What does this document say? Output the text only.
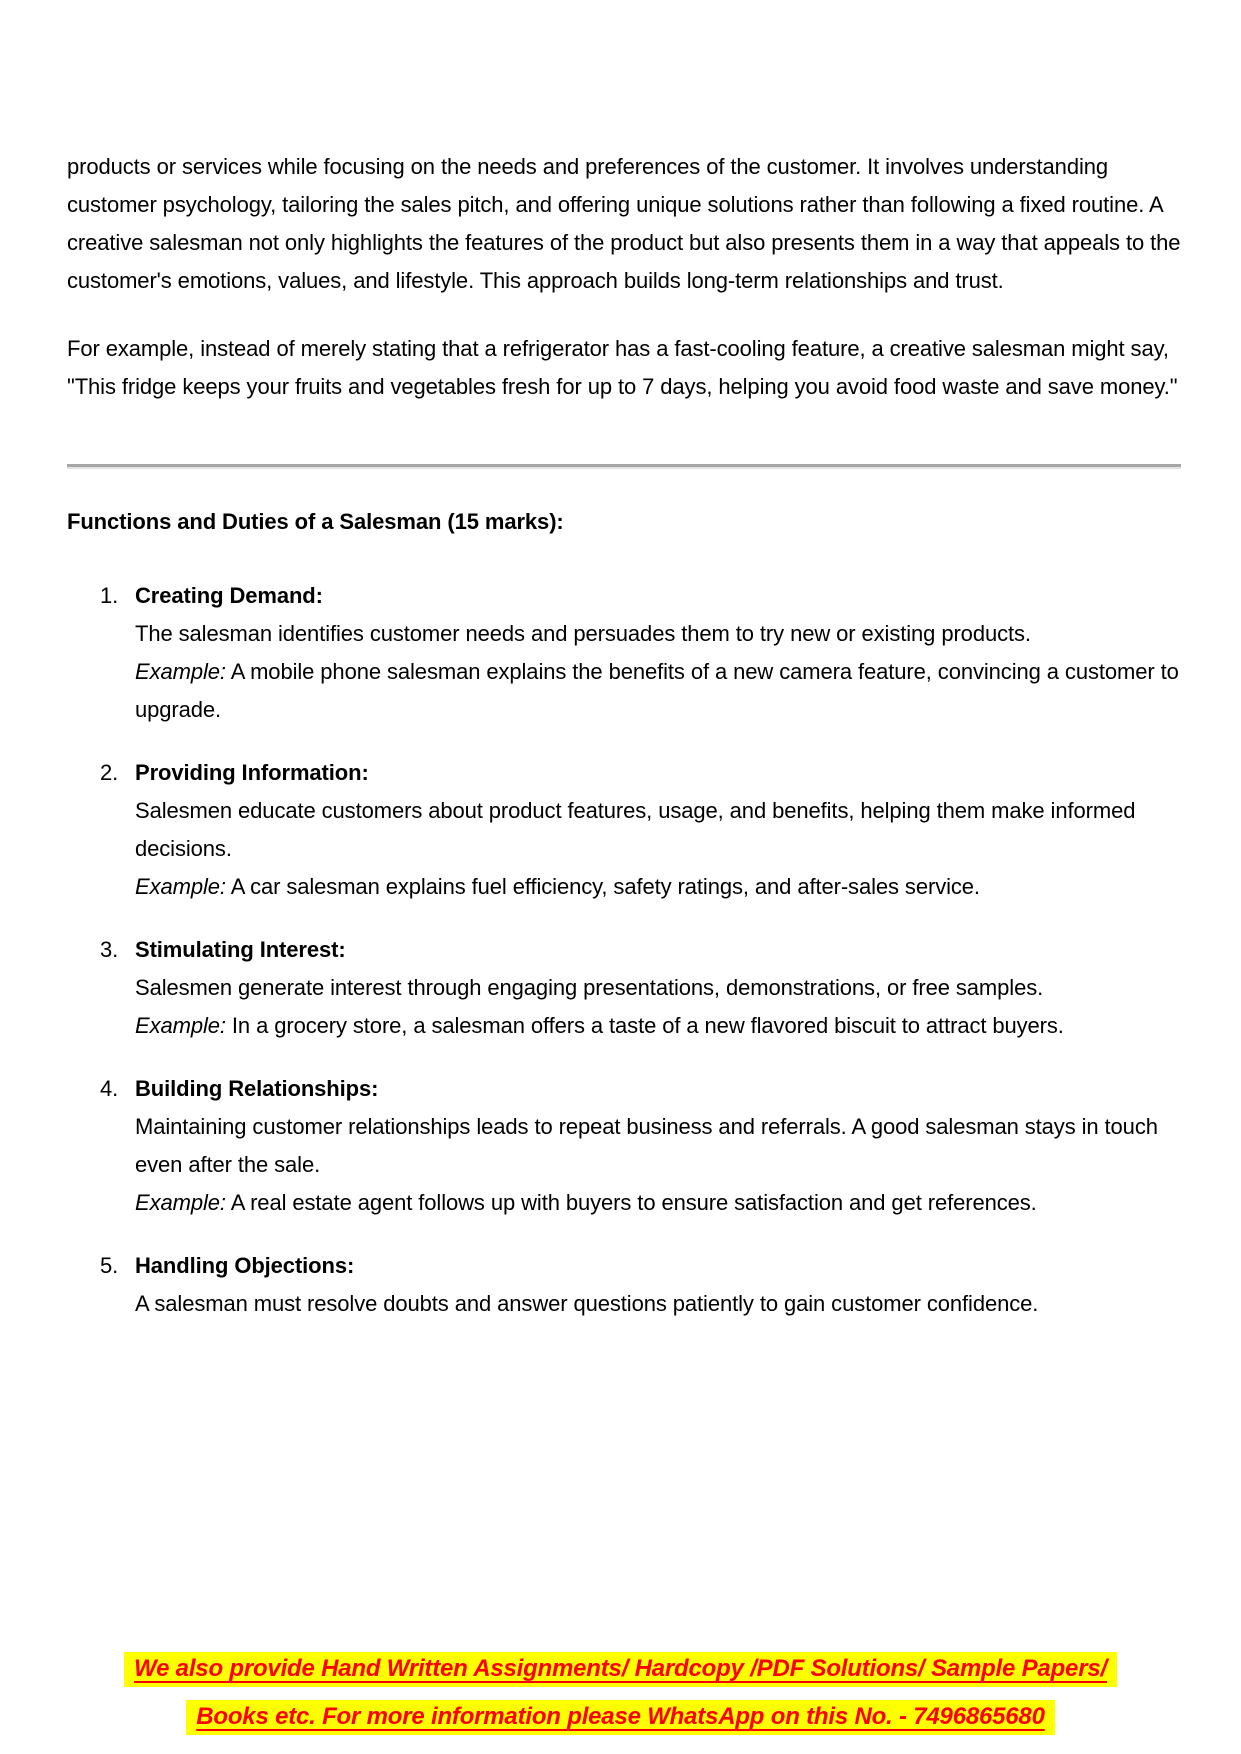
products or services while focusing on the needs and preferences of the customer. It involves understanding customer psychology, tailoring the sales pitch, and offering unique solutions rather than following a fixed routine. A creative salesman not only highlights the features of the product but also presents them in a way that appeals to the customer's emotions, values, and lifestyle. This approach builds long-term relationships and trust.

For example, instead of merely stating that a refrigerator has a fast-cooling feature, a creative salesman might say, "This fridge keeps your fruits and vegetables fresh for up to 7 days, helping you avoid food waste and save money."

Functions and Duties of a Salesman (15 marks):
1. Creating Demand:
The salesman identifies customer needs and persuades them to try new or existing products.
Example: A mobile phone salesman explains the benefits of a new camera feature, convincing a customer to upgrade.
2. Providing Information:
Salesmen educate customers about product features, usage, and benefits, helping them make informed decisions.
Example: A car salesman explains fuel efficiency, safety ratings, and after-sales service.
3. Stimulating Interest:
Salesmen generate interest through engaging presentations, demonstrations, or free samples.
Example: In a grocery store, a salesman offers a taste of a new flavored biscuit to attract buyers.
4. Building Relationships:
Maintaining customer relationships leads to repeat business and referrals. A good salesman stays in touch even after the sale.
Example: A real estate agent follows up with buyers to ensure satisfaction and get references.
5. Handling Objections:
A salesman must resolve doubts and answer questions patiently to gain customer confidence.
We also provide Hand Written Assignments/ Hardcopy /PDF Solutions/ Sample Papers/
Books etc. For more information please WhatsApp on this No. - 7496865680
